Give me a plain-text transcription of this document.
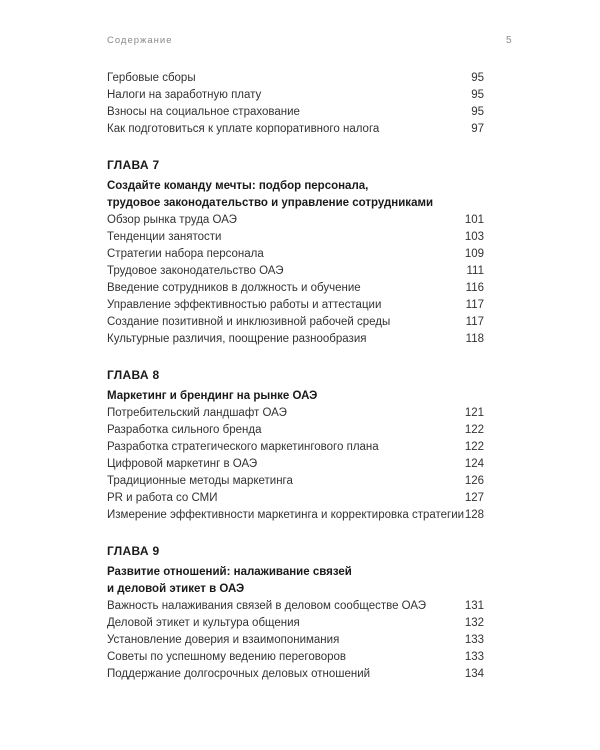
Содержание	5
Гербовые сборы	95
Налоги на заработную плату	95
Взносы на социальное страхование	95
Как подготовиться к уплате корпоративного налога	97
ГЛАВА 7
Создайте команду мечты: подбор персонала,
трудовое законодательство и управление сотрудниками
Обзор рынка труда ОАЭ	101
Тенденции занятости	103
Стратегии набора персонала	109
Трудовое законодательство ОАЭ	111
Введение сотрудников в должность и обучение	116
Управление эффективностью работы и аттестации	117
Создание позитивной и инклюзивной рабочей среды	117
Культурные различия, поощрение разнообразия	118
ГЛАВА 8
Маркетинг и брендинг на рынке ОАЭ
Потребительский ландшафт ОАЭ	121
Разработка сильного бренда	122
Разработка стратегического маркетингового плана	122
Цифровой маркетинг в ОАЭ	124
Традиционные методы маркетинга	126
PR и работа со СМИ	127
Измерение эффективности маркетинга и корректировка стратегии 128
ГЛАВА 9
Развитие отношений: налаживание связей
и деловой этикет в ОАЭ
Важность налаживания связей в деловом сообществе ОАЭ	131
Деловой этикет и культура общения	132
Установление доверия и взаимопонимания	133
Советы по успешному ведению переговоров	133
Поддержание долгосрочных деловых отношений	134
